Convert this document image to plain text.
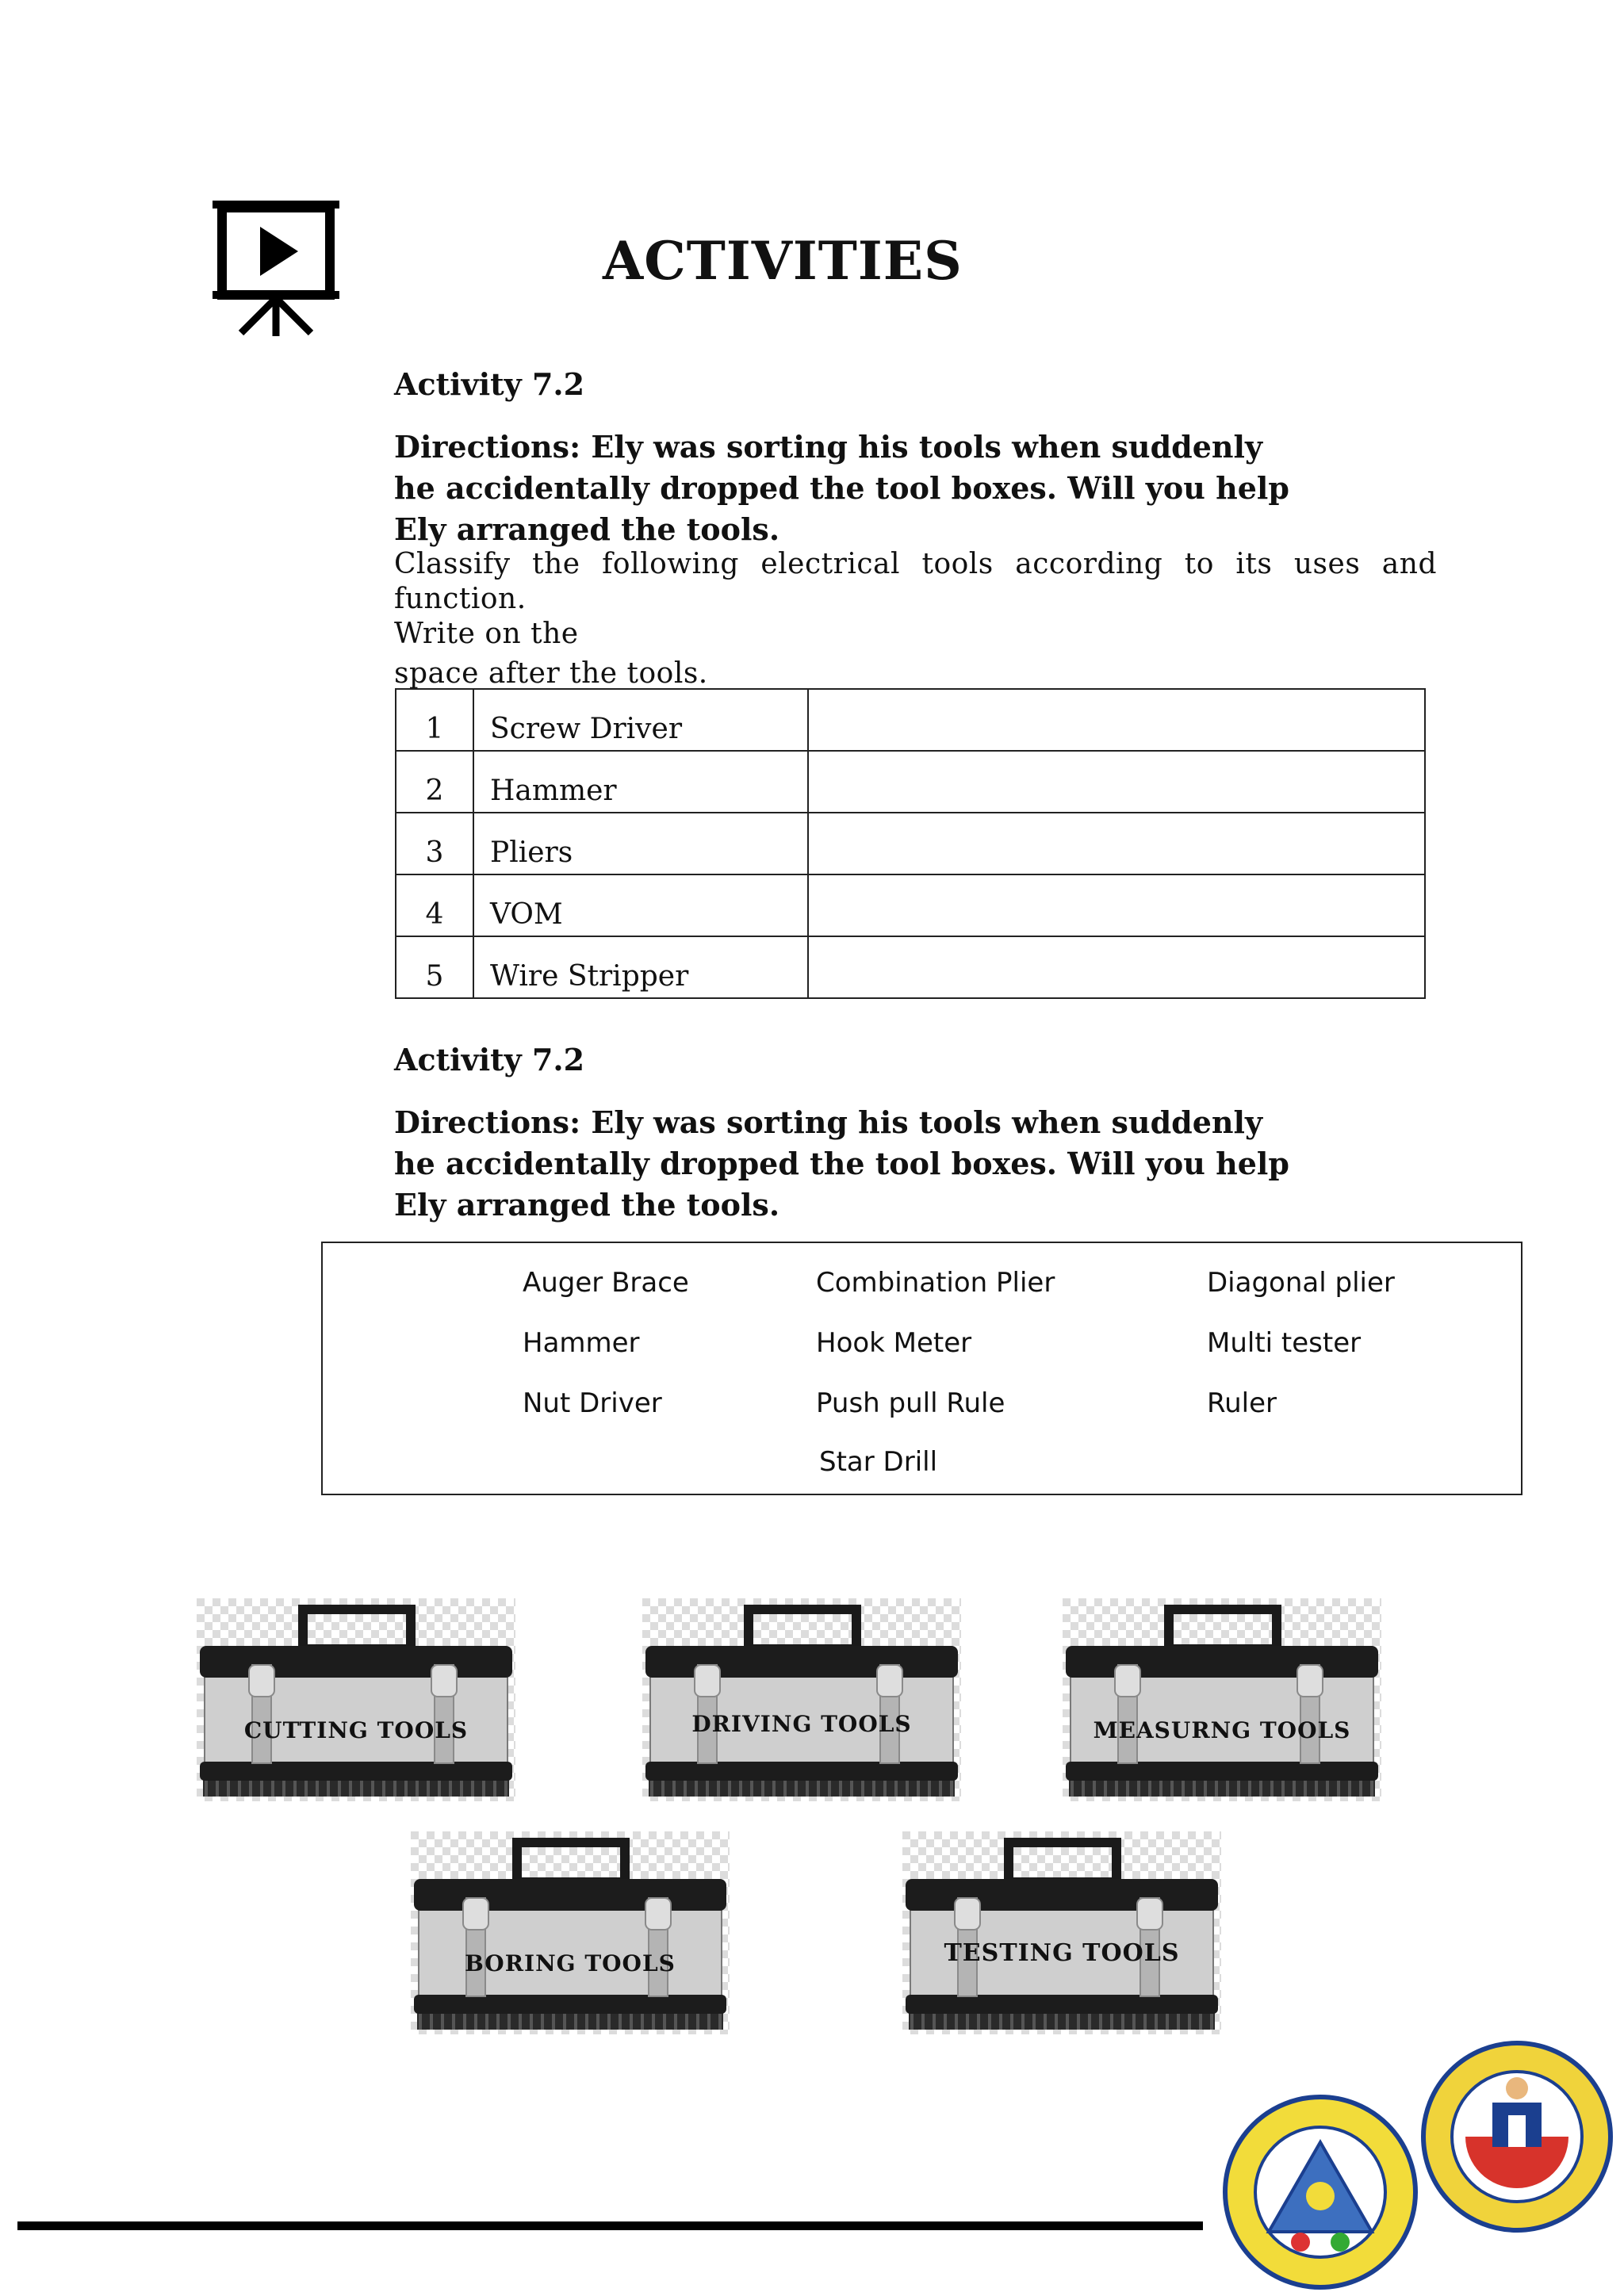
ACTIVITIES
Activity 7.2
Directions: Ely was sorting his tools when suddenly
he accidentally dropped the tool boxes. Will you help
Ely arranged the tools.
Classify the following electrical tools according to its uses and function.
Write on the
space after the tools.
1	Screw Driver	
2	Hammer	
3	Pliers	
4	VOM	
5	Wire Stripper	
Activity 7.2
Directions: Ely was sorting his tools when suddenly
he accidentally dropped the tool boxes. Will you help
Ely arranged the tools.
Auger Brace	Combination Plier	Diagonal plier
Hammer	Hook Meter	Multi tester
Nut Driver	Push pull Rule	Ruler
Star Drill
CUTTING TOOLS	DRIVING TOOLS	MEASURNG TOOLS
BORING TOOLS	TESTING TOOLS
